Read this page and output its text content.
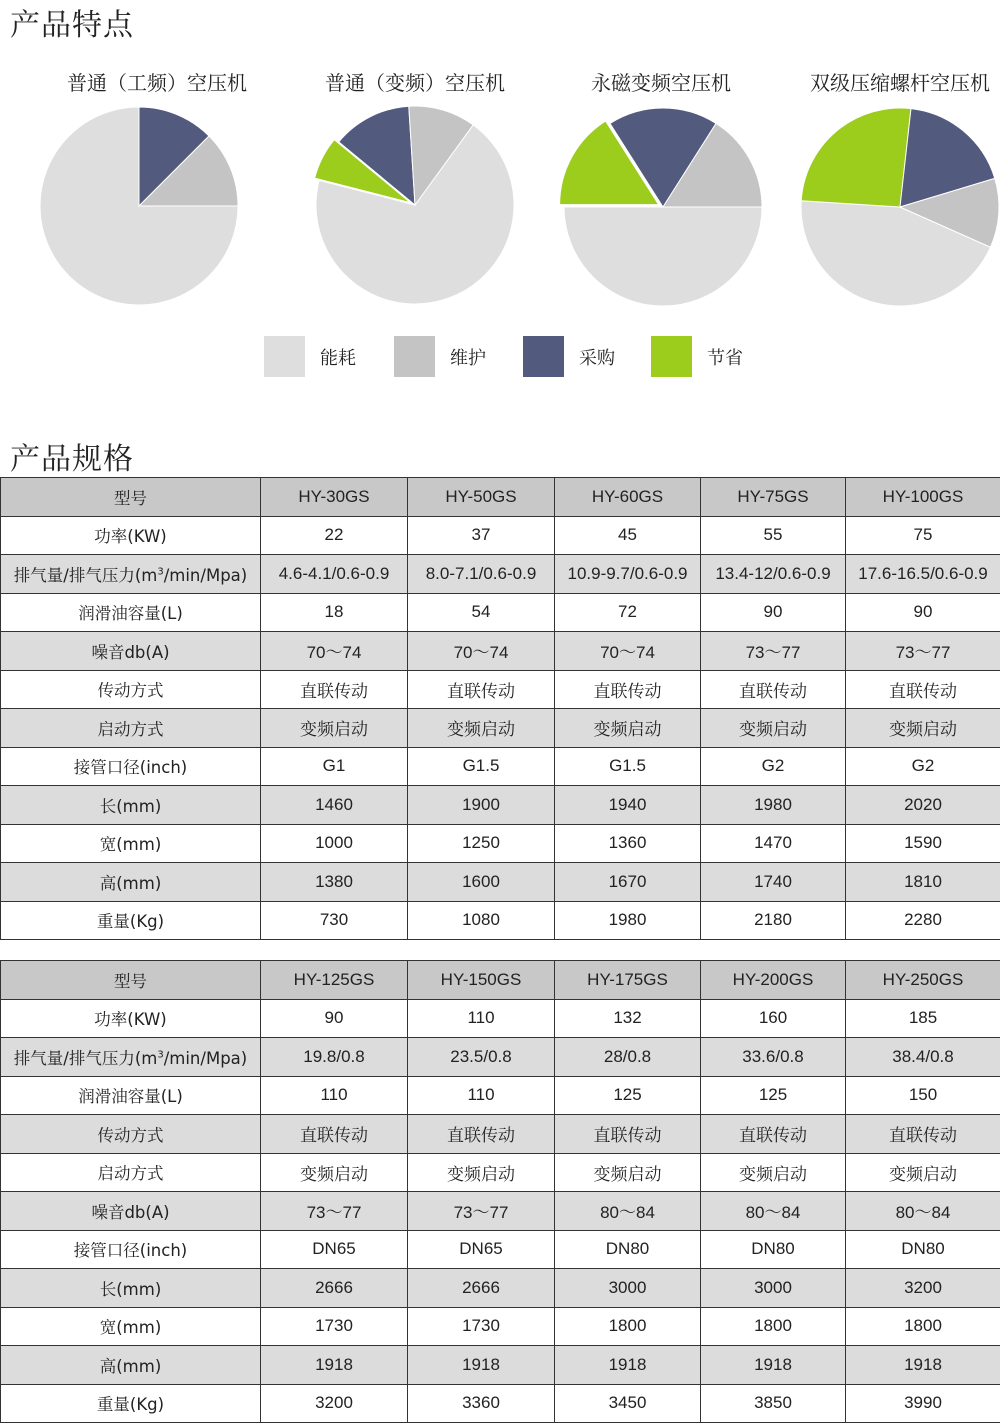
产品特点
普通（工频）空压机	普通（变频）空压机	永磁变频空压机	双级压缩螺杆空压机
能耗	维护	采购	节省
产品规格
型号	HY-30GS	HY-50GS	HY-60GS	HY-75GS	HY-100GS
功率(KW)	22	37	45	55	75
排气量/排气压力$(m^3/\min/Mpa)$	4.6-4.1/0.6-0.9	8.0-7.1/0.6-0.9	10.9-9.7/0.6-0.9	13.4-12/0.6-0.9	17.6-16.5/0.6-0.9
润滑油容量(L)	18	54	72	90	90
噪音db(A)	70～74	70～74	70～74	73～77	73～77
传动方式	直联传动	直联传动	直联传动	直联传动	直联传动
启动方式	变频启动	变频启动	变频启动	变频启动	变频启动
接管口径(inch)	G1	G1.5	G1.5	G2	G2
长(mm)	1460	1900	1940	1980	2020
宽(mm)	1000	1250	1360	1470	1590
高(mm)	1380	1600	1670	1740	1810
重量(Kg)	730	1080	1980	2180	2280
型号	HY-125GS	HY-150GS	HY-175GS	HY-200GS	HY-250GS
功率(KW)	90	110	132	160	185
排气量/排气压力$(m^3/\min/Mpa)$	19.8/0.8	23.5/0.8	28/0.8	33.6/0.8	38.4/0.8
润滑油容量(L)	110	110	125	125	150
传动方式	直联传动	直联传动	直联传动	直联传动	直联传动
启动方式	变频启动	变频启动	变频启动	变频启动	变频启动
噪音db(A)	73～77	73～77	80～84	80～84	80～84
接管口径(inch)	DN65	DN65	DN80	DN80	DN80
长(mm)	2666	2666	3000	3000	3200
宽(mm)	1730	1730	1800	1800	1800
高(mm)	1918	1918	1918	1918	1918
重量(Kg)	3200	3360	3450	3850	3990
